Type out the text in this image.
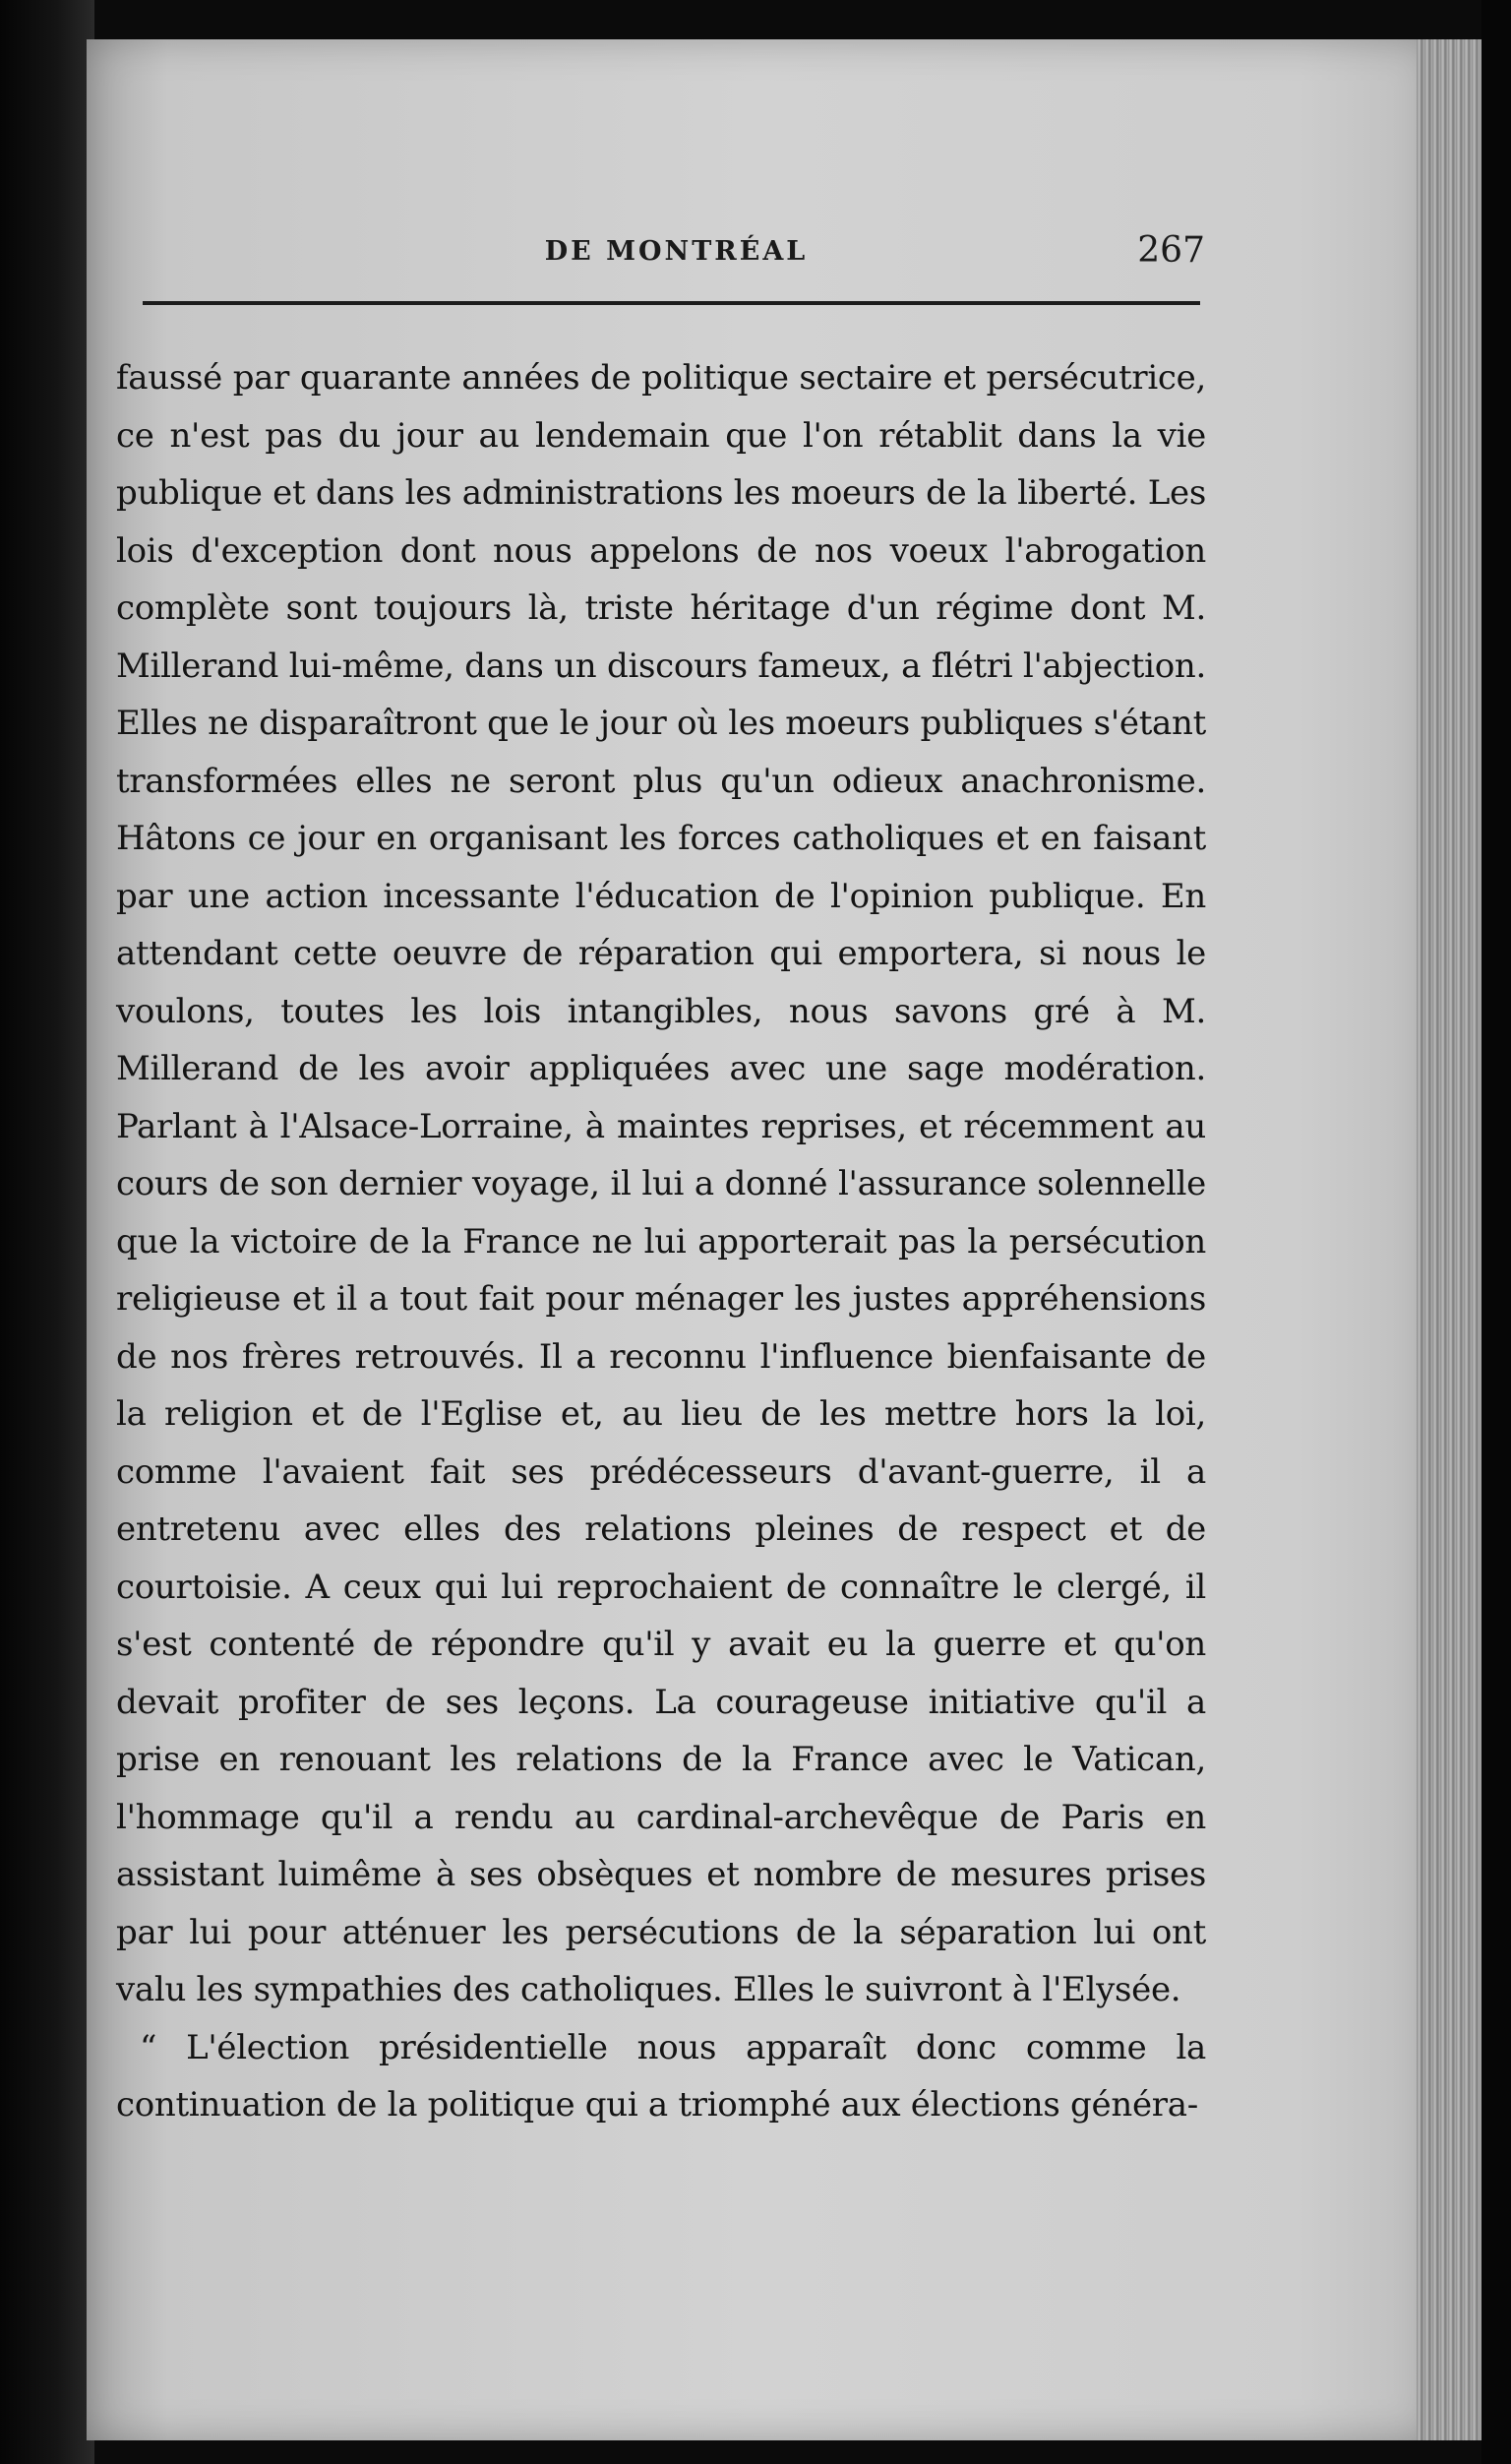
DE MONTRÉAL	267

faussé par quarante années de politique sectaire et persécutrice, ce n'est pas du jour au lendemain que l'on rétablit dans la vie publique et dans les administrations les moeurs de la liberté. Les lois d'exception dont nous appelons de nos voeux l'abrogation complète sont toujours là, triste héritage d'un régime dont M. Millerand lui-même, dans un discours fameux, a flétri l'abjection. Elles ne disparaîtront que le jour où les moeurs publiques s'étant transformées elles ne seront plus qu'un odieux anachronisme. Hâtons ce jour en organisant les forces catholiques et en faisant par une action incessante l'éducation de l'opinion publique. En attendant cette oeuvre de réparation qui emportera, si nous le voulons, toutes les lois intangibles, nous savons gré à M. Millerand de les avoir appliquées avec une sage modération. Parlant à l'Alsace-Lorraine, à maintes reprises, et récemment au cours de son dernier voyage, il lui a donné l'assurance solennelle que la victoire de la France ne lui apporterait pas la persécution religieuse et il a tout fait pour ménager les justes appréhensions de nos frères retrouvés. Il a reconnu l'influence bienfaisante de la religion et de l'Eglise et, au lieu de les mettre hors la loi, comme l'avaient fait ses prédécesseurs d'avant-guerre, il a entretenu avec elles des relations pleines de respect et de courtoisie. A ceux qui lui reprochaient de connaître le clergé, il s'est contenté de répondre qu'il y avait eu la guerre et qu'on devait profiter de ses leçons. La courageuse initiative qu'il a prise en renouant les relations de la France avec le Vatican, l'hommage qu'il a rendu au cardinal-archevêque de Paris en assistant luimême à ses obsèques et nombre de mesures prises par lui pour atténuer les persécutions de la séparation lui ont valu les sympathies des catholiques. Elles le suivront à l'Elysée.

“ L'élection présidentielle nous apparaît donc comme la continuation de la politique qui a triomphé aux élections généra-
